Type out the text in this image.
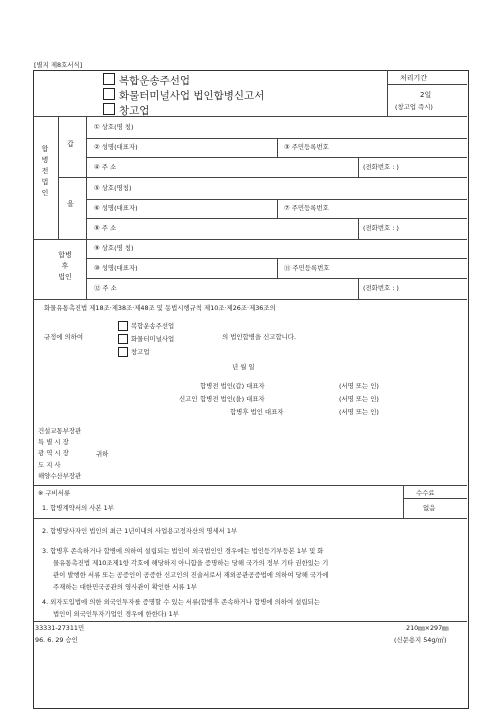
[별지 제8호서식]
복합운송주선업
화물터미널사업 법인합병신고서
창고업
처리기간
2일
(창고업 즉시)
합
병
전
법
인
갑
을
① 상호(명 칭)
② 성명(대표자)	③ 주민등록번호
④ 주 소	(전화번호 : )
⑤ 상호(명칭)
⑥ 성명(대표자)	⑦ 주민등록번호
⑧ 주 소	(전화번호 : )
합병
후
법인
⑨ 상호(명 칭)
⑩ 성명(대표자)	⑪ 주민등록번호
⑫ 주 소	(전화번호 : )
화물유통촉진법 제18조·제38조·제48조 및 동법시행규칙 제10조·제26조·제36조의
복합운송주선업
규정에 의하여	화물터미널사업	의 법인합병을 신고합니다.
창고업
년 월 일
합병전 법인(갑) 대표자	(서명 또는 인)
신고인 합병전 법인(을) 대표자	(서명 또는 인)
합병후 법인 대표자	(서명 또는 인)
건설교통부장관
특 별 시 장
광 역 시 장
도 지 사
해양수산부장관
귀하
※ 구비서류	수수료
없음
1. 합병계약서의 사본 1부
2. 합병당사자인 법인의 최근 1년이내의 사업용고정자산의 명세서 1부
3. 합병후 존속하거나 합병에 의하여 설립되는 법인이 외국법인인 경우에는 법인등기부등본 1부 및 화
물유통촉진법 제10조제1항 각호에 해당하지 아니함을 증명하는 당해 국가의 정부 기타 권한있는 기
관이 발행한 서류 또는 공증인이 공증한 신고인의 진술서로서 재외공관공증법에 의하여 당해 국가에
주재하는 대한민국공관의 영사관이 확인한 서류 1부
4. 외자도입법에 의한 외국인투자를 증명할 수 있는 서류(합병후 존속하거나 합병에 의하여 설립되는
법인이 외국인투자기업인 경우에 한한다) 1부
33331-27311민
96. 6. 29 승인
210㎜×297㎜
(신문용지 54g/㎡)
